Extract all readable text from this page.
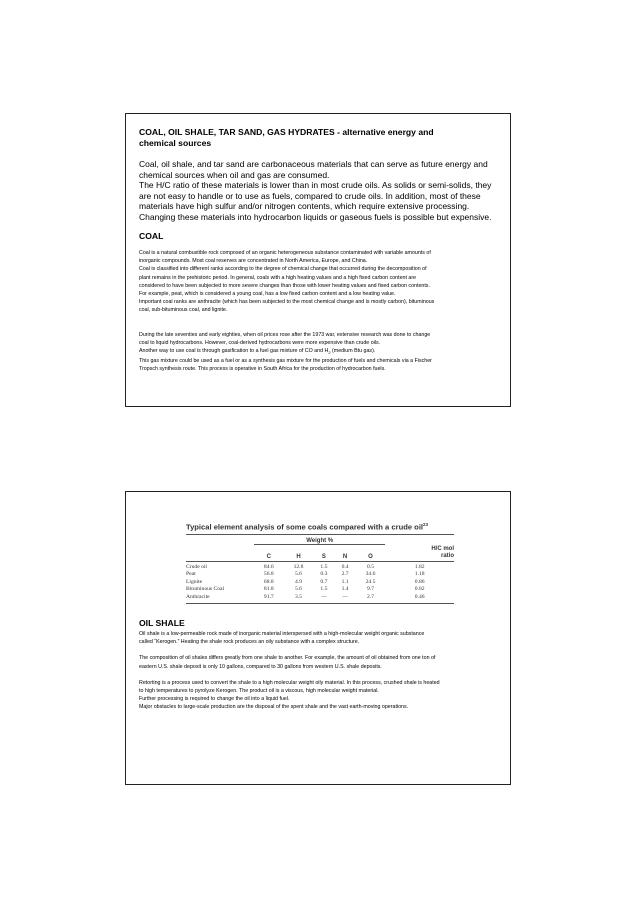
COAL, OIL SHALE, TAR SAND, GAS HYDRATES - alternative energy and
chemical sources

Coal, oil shale, and tar sand are carbonaceous materials that can serve as future energy and
chemical sources when oil and gas are consumed.
The H/C ratio of these materials is lower than in most crude oils. As solids or semi-solids, they
are not easy to handle or to use as fuels, compared to crude oils. In addition, most of these
materials have high sulfur and/or nitrogen contents, which require extensive processing.
Changing these materials into hydrocarbon liquids or gaseous fuels is possible but expensive.

COAL

Coal is a natural combustible rock composed of an organic heterogeneous substance contaminated with variable amounts of

inorganic compounds. Most coal reserves are concentrated in North America, Europe, and China.

Coal is classified into different ranks according to the degree of chemical change that occurred during the decomposition of

plant remains in the prehistoric period. In general, coals with a high heating values and a high fixed carbon content are

considered to have been subjected to more severe changes than those with lower heating values and fixed carbon contents.

For example, peat, which is considered a young coal, has a low fixed carbon content and a low heating value.

Important coal ranks are anthracite (which has been subjected to the most chemical change and is mostly carbon), bituminous

coal, sub-bituminous coal, and lignite.

During the late seventies and early eighties, when oil prices rose after the 1973 war, extensive research was done to change

coal to liquid hydrocarbons. However, coal-derived hydrocarbons were more expensive than crude oils.

Another way to use coal is through gasification to a fuel gas mixture of CO and $H_2$ (medium Btu gas).

This gas mixture could be used as a fuel or as a synthesis gas mixture for the production of fuels and chemicals via a Fischer

Tropsch synthesis route. This process is operative in South Africa for the production of hydrocarbon fuels.

Typical element analysis of some coals compared with a crude oil$^{23}$

	Weight %					
	C	H	S	N	O	H/C mol
ratio

Crude oil	84.6	12.8	1.5	0.4	0.5	1.82
Peat	56.8	5.6	0.3	2.7	34.6	1.18
Lignite	68.8	4.9	0.7	1.1	24.5	0.86
Bituminous Coal	81.8	5.6	1.5	1.4	9.7	0.82
Anthracite	91.7	3.5	—	—	2.7	0.46

OIL SHALE

Oil shale is a low-permeable rock made of inorganic material interspersed with a high-molecular weight organic substance

called “Kerogen.” Heating the shale rock produces an oily substance with a complex structure.

The composition of oil shales differs greatly from one shale to another. For example, the amount of oil obtained from one ton of

eastern U.S. shale deposit is only 10 gallons, compared to 30 gallons from western U.S. shale deposits.

Retorting is a process used to convert the shale to a high molecular weight oily material. In this process, crushed shale is heated

to high temperatures to pyrolyze Kerogen. The product oil is a viscous, high molecular weight material.

Further processing is required to change the oil into a liquid fuel.

Major obstacles to large-scale production are the disposal of the spent shale and the vast earth-moving operations.
